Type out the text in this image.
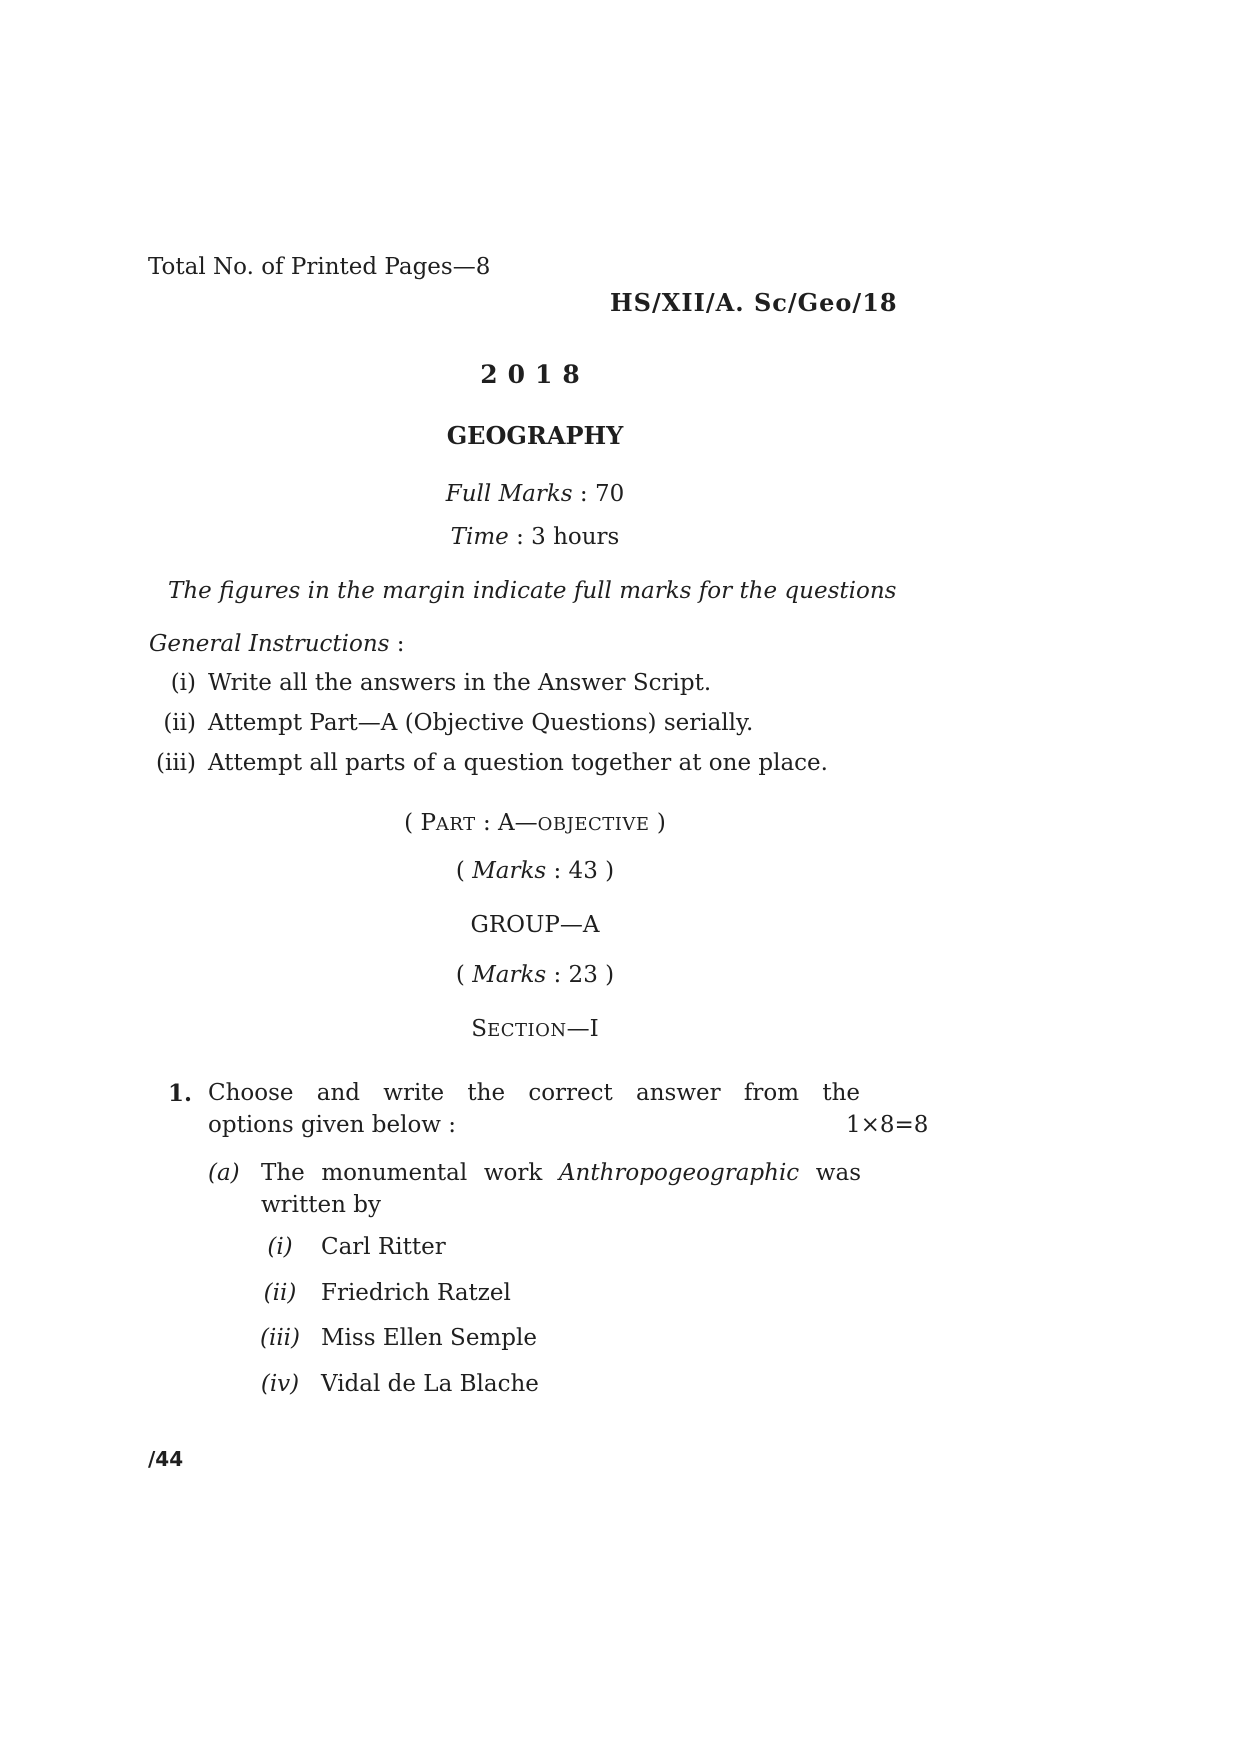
Total No. of Printed Pages—8
HS/XII/A. Sc/Geo/18
2018
GEOGRAPHY
Full Marks : 70
Time : 3 hours
The figures in the margin indicate full marks for the questions
General Instructions :
(i) Write all the answers in the Answer Script.
(ii) Attempt Part—A (Objective Questions) serially.
(iii) Attempt all parts of a question together at one place.
( PART : A—OBJECTIVE )
( Marks : 43 )
GROUP—A
( Marks : 23 )
SECTION—I
1. Choose and write the correct answer from the
options given below :	1×8=8
(a) The monumental work Anthropogeographic was
written by
(i)	Carl Ritter
(ii) Friedrich Ratzel
(iii) Miss Ellen Semple
(iv) Vidal de La Blache
/44
